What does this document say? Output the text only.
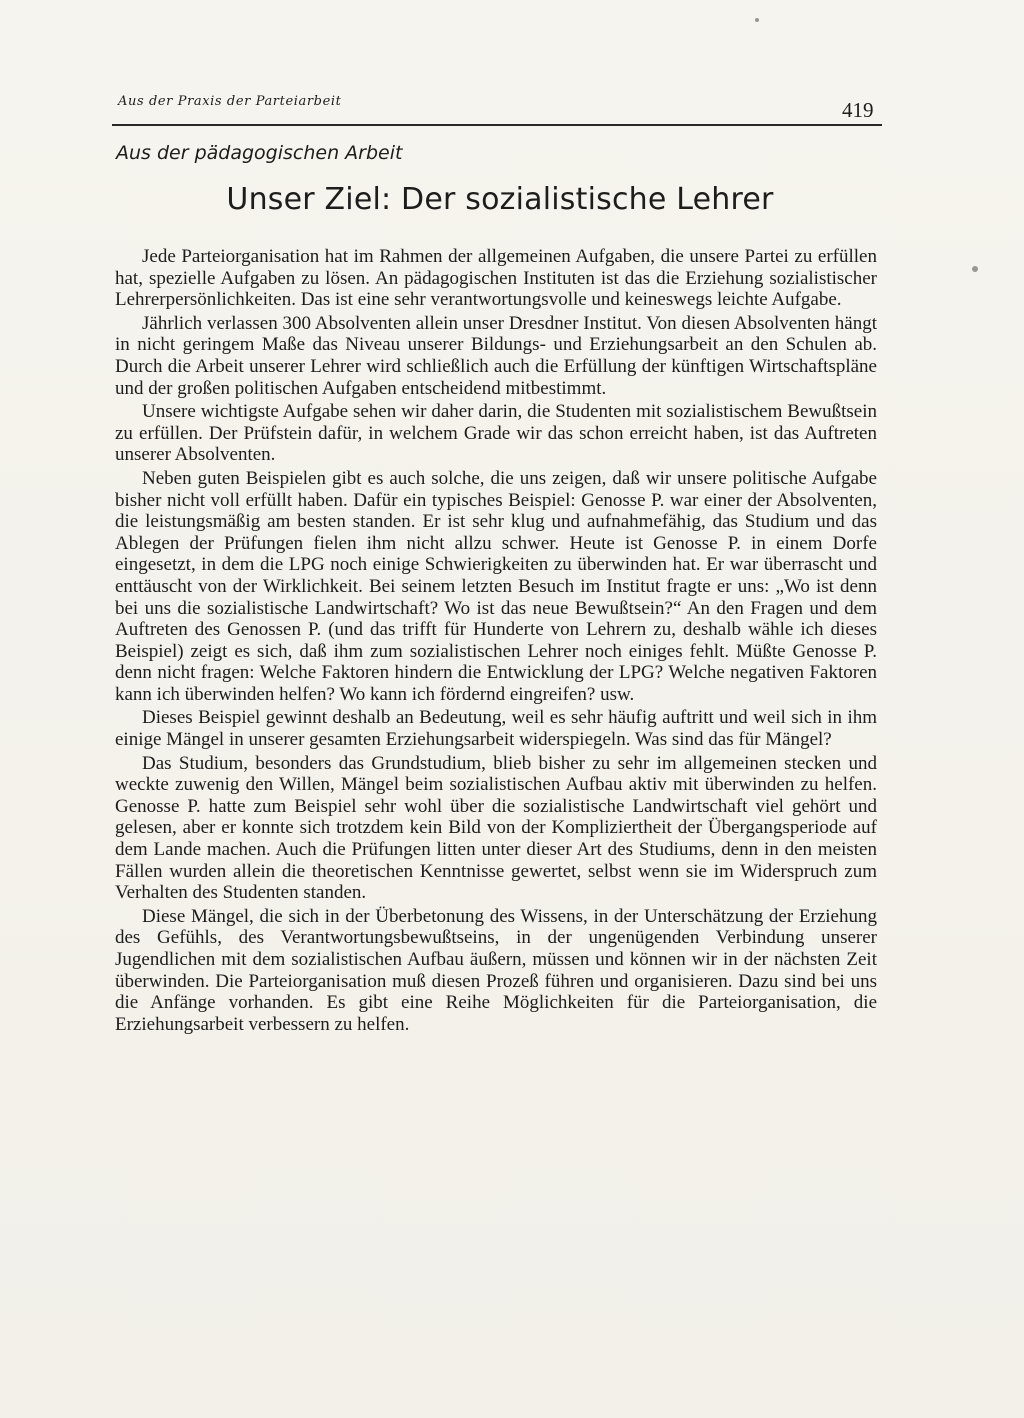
Aus der Praxis der Parteiarbeit	419
Aus der pädagogischen Arbeit
Unser Ziel: Der sozialistische Lehrer

Jede Parteiorganisation hat im Rahmen der allgemeinen Aufgaben, die unsere Partei zu erfüllen hat, spezielle Aufgaben zu lösen. An pädagogischen Instituten ist das die Erziehung sozialistischer Lehrerpersönlichkeiten. Das ist eine sehr verantwortungsvolle und keineswegs leichte Aufgabe.

Jährlich verlassen 300 Absolventen allein unser Dresdner Institut. Von diesen Absolventen hängt in nicht geringem Maße das Niveau unserer Bildungs- und Erziehungsarbeit an den Schulen ab. Durch die Arbeit unserer Lehrer wird schließlich auch die Erfüllung der künftigen Wirtschaftspläne und der großen politischen Aufgaben entscheidend mitbestimmt.

Unsere wichtigste Aufgabe sehen wir daher darin, die Studenten mit sozialistischem Bewußtsein zu erfüllen. Der Prüfstein dafür, in welchem Grade wir das schon erreicht haben, ist das Auftreten unserer Absolventen.

Neben guten Beispielen gibt es auch solche, die uns zeigen, daß wir unsere politische Aufgabe bisher nicht voll erfüllt haben. Dafür ein typisches Beispiel: Genosse P. war einer der Absolventen, die leistungsmäßig am besten standen. Er ist sehr klug und aufnahmefähig, das Studium und das Ablegen der Prüfungen fielen ihm nicht allzu schwer. Heute ist Genosse P. in einem Dorfe eingesetzt, in dem die LPG noch einige Schwierigkeiten zu überwinden hat. Er war überrascht und enttäuscht von der Wirklichkeit. Bei seinem letzten Besuch im Institut fragte er uns: „Wo ist denn bei uns die sozialistische Landwirtschaft? Wo ist das neue Bewußtsein?“ An den Fragen und dem Auftreten des Genossen P. (und das trifft für Hunderte von Lehrern zu, deshalb wähle ich dieses Beispiel) zeigt es sich, daß ihm zum sozialistischen Lehrer noch einiges fehlt. Müßte Genosse P. denn nicht fragen: Welche Faktoren hindern die Entwicklung der LPG? Welche negativen Faktoren kann ich überwinden helfen? Wo kann ich fördernd eingreifen? usw.

Dieses Beispiel gewinnt deshalb an Bedeutung, weil es sehr häufig auftritt und weil sich in ihm einige Mängel in unserer gesamten Erziehungsarbeit widerspiegeln. Was sind das für Mängel?

Das Studium, besonders das Grundstudium, blieb bisher zu sehr im allgemeinen stecken und weckte zuwenig den Willen, Mängel beim sozialistischen Aufbau aktiv mit überwinden zu helfen. Genosse P. hatte zum Beispiel sehr wohl über die sozialistische Landwirtschaft viel gehört und gelesen, aber er konnte sich trotzdem kein Bild von der Kompliziertheit der Übergangsperiode auf dem Lande machen. Auch die Prüfungen litten unter dieser Art des Studiums, denn in den meisten Fällen wurden allein die theoretischen Kenntnisse gewertet, selbst wenn sie im Widerspruch zum Verhalten des Studenten standen.

Diese Mängel, die sich in der Überbetonung des Wissens, in der Unterschätzung der Erziehung des Gefühls, des Verantwortungsbewußtseins, in der ungenügenden Verbindung unserer Jugendlichen mit dem sozialistischen Aufbau äußern, müssen und können wir in der nächsten Zeit überwinden. Die Parteiorganisation muß diesen Prozeß führen und organisieren. Dazu sind bei uns die Anfänge vorhanden. Es gibt eine Reihe Möglichkeiten für die Parteiorganisation, die Erziehungsarbeit verbessern zu helfen.
